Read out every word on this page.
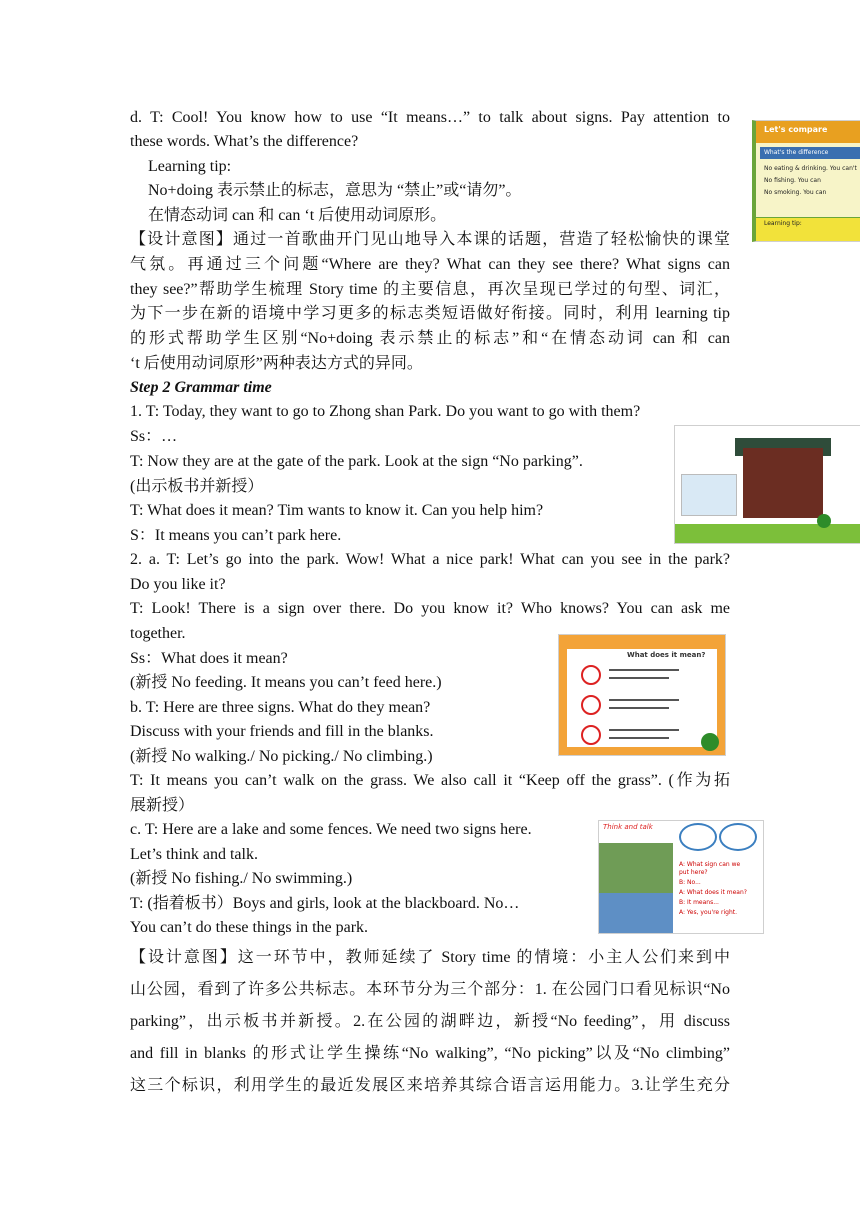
d. T: Cool! You know how to use “It means…” to talk about signs. Pay attention to
these words. What’s the difference?
Learning tip:
No+doing 表示禁止的标志，意思为 “禁止”或“请勿”。
在情态动词 can 和 can ‘t 后使用动词原形。
【设计意图】通过一首歌曲开门见山地导入本课的话题，营造了轻松愉快的课堂
气氛。再通过三个问题“Where are they? What can they see there? What signs can
they see?”帮助学生梳理 Story time 的主要信息，再次呈现已学过的句型、词汇，
为下一步在新的语境中学习更多的标志类短语做好衔接。同时，利用 learning tip
的形式帮助学生区别“No+doing 表示禁止的标志”和“在情态动词 can 和 can
‘t 后使用动词原形”两种表达方式的异同。
Step 2 Grammar time
1. T: Today, they want to go to Zhong shan Park. Do you want to go with them?
Ss：…
T: Now they are at the gate of the park. Look at the sign “No parking”.
(出示板书并新授）
T: What does it mean? Tim wants to know it. Can you help him?
S：It means you can’t park here.
2. a. T: Let’s go into the park. Wow! What a nice park! What can you see in the park?
Do you like it?
T: Look! There is a sign over there. Do you know it? Who knows? You can ask me
together.
Ss：What does it mean?
(新授 No feeding. It means you can’t feed here.)
b. T: Here are three signs. What do they mean?
Discuss with your friends and fill in the blanks.
(新授 No walking./ No picking./ No climbing.)
T: It means you can’t walk on the grass. We also call it “Keep off the grass”. (作为拓
展新授）
c. T: Here are a lake and some fences. We need two signs here.
Let’s think and talk.
(新授 No fishing./ No swimming.)
T: (指着板书）Boys and girls, look at the blackboard. No…
You can’t do these things in the park.
【设计意图】这一环节中，教师延续了 Story time 的情境：小主人公们来到中
山公园，看到了许多公共标志。本环节分为三个部分：1. 在公园门口看见标识“No
parking”，出示板书并新授。2.在公园的湖畔边，新授“No feeding”，用 discuss
and fill in blanks 的形式让学生操练“No walking”, “No picking”以及“No climbing”
这三个标识，利用学生的最近发展区来培养其综合语言运用能力。3.让学生充分
Let's compare
What's the difference
No eating & drinking. You can't
No fishing. You can
No smoking. You can
Learning tip:
What does it mean?
Think and talk
A: What sign can we
put here?
B: No...
A: What does it mean?
B: It means...
A: Yes, you're right.
